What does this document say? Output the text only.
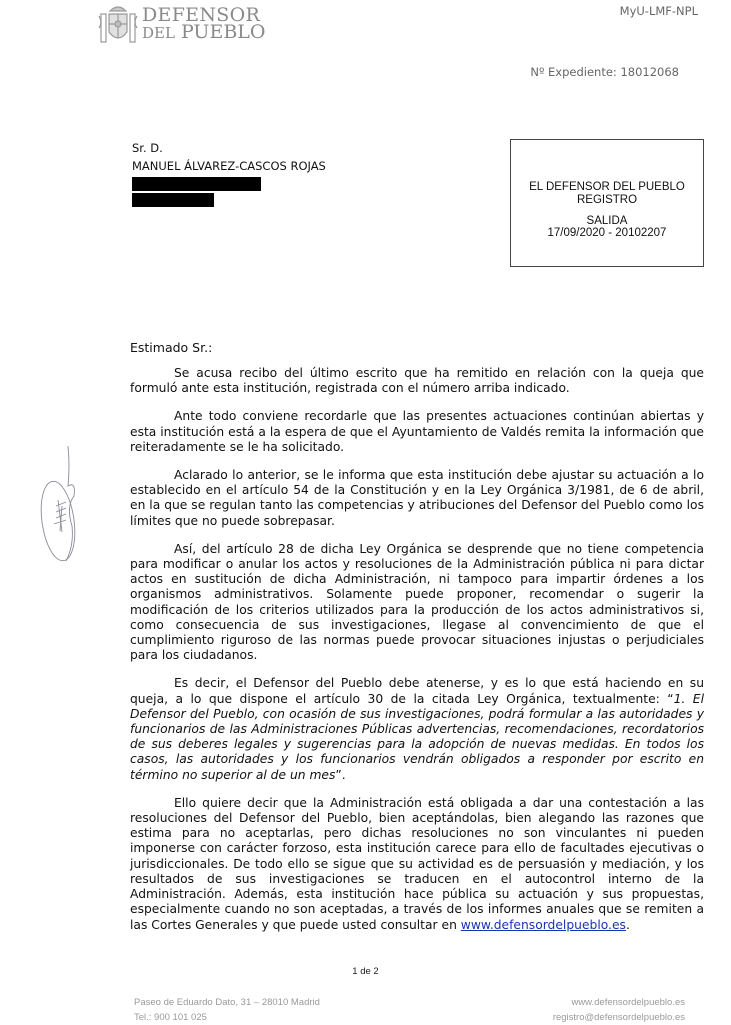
DEFENSOR
DEL PUEBLO
MyU-LMF-NPL
Nº Expediente: 18012068
Sr. D.
MANUEL ÁLVAREZ-CASCOS ROJAS
EL DEFENSOR DEL PUEBLO
REGISTRO
SALIDA
17/09/2020 - 20102207
Estimado Sr.:

Se acusa recibo del último escrito que ha remitido en relación con la queja que formuló ante esta institución, registrada con el número arriba indicado.

Ante todo conviene recordarle que las presentes actuaciones continúan abiertas y esta institución está a la espera de que el Ayuntamiento de Valdés remita la información que reiteradamente se le ha solicitado.

Aclarado lo anterior, se le informa que esta institución debe ajustar su actuación a lo establecido en el artículo 54 de la Constitución y en la Ley Orgánica 3/1981, de 6 de abril, en la que se regulan tanto las competencias y atribuciones del Defensor del Pueblo como los límites que no puede sobrepasar.

Así, del artículo 28 de dicha Ley Orgánica se desprende que no tiene competencia para modificar o anular los actos y resoluciones de la Administración pública ni para dictar actos en sustitución de dicha Administración, ni tampoco para impartir órdenes a los organismos administrativos. Solamente puede proponer, recomendar o sugerir la modificación de los criterios utilizados para la producción de los actos administrativos si, como consecuencia de sus investigaciones, llegase al convencimiento de que el cumplimiento riguroso de las normas puede provocar situaciones injustas o perjudiciales para los ciudadanos.

Es decir, el Defensor del Pueblo debe atenerse, y es lo que está haciendo en su queja, a lo que dispone el artículo 30 de la citada Ley Orgánica, textualmente: “1. El Defensor del Pueblo, con ocasión de sus investigaciones, podrá formular a las autoridades y funcionarios de las Administraciones Públicas advertencias, recomendaciones, recordatorios de sus deberes legales y sugerencias para la adopción de nuevas medidas. En todos los casos, las autoridades y los funcionarios vendrán obligados a responder por escrito en término no superior al de un mes”.

Ello quiere decir que la Administración está obligada a dar una contestación a las resoluciones del Defensor del Pueblo, bien aceptándolas, bien alegando las razones que estima para no aceptarlas, pero dichas resoluciones no son vinculantes ni pueden imponerse con carácter forzoso, esta institución carece para ello de facultades ejecutivas o jurisdiccionales. De todo ello se sigue que su actividad es de persuasión y mediación, y los resultados de sus investigaciones se traducen en el autocontrol interno de la Administración. Además, esta institución hace pública su actuación y sus propuestas, especialmente cuando no son aceptadas, a través de los informes anuales que se remiten a las Cortes Generales y que puede usted consultar en www.defensordelpueblo.es.

1 de 2
Paseo de Eduardo Dato, 31 – 28010 Madrid
Tel.: 900 101 025
www.defensordelpueblo.es
registro@defensordelpueblo.es
